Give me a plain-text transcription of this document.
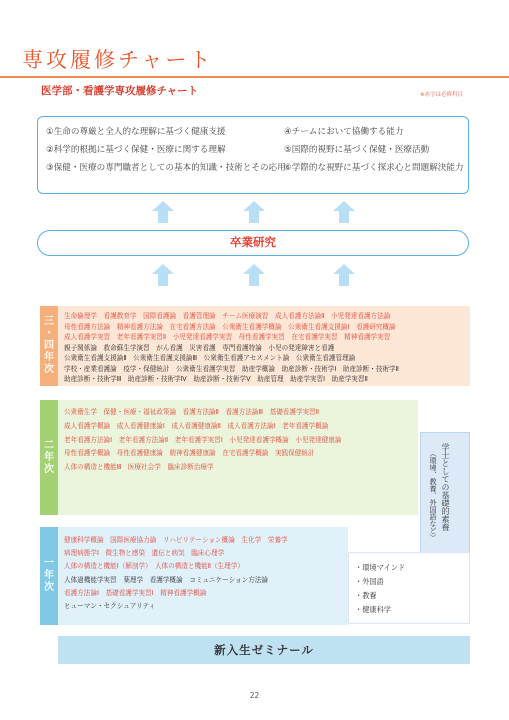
専攻履修チャート
医学部・看護学専攻履修チャート	※赤字は必修科目
①生命の尊厳と全人的な理解に基づく健康支援	④チームにおいて協働する能力
②科学的根拠に基づく保健・医療に関する理解	⑤国際的視野に基づく保健・医療活動
③保健・医療の専門職者としての基本的知識・技術とその応用
⑥学際的な視野に基づく探求心と問題解決能力
卒業研究
三
・
四
年
次
生命倫理学　看護教育学　国際看護論　看護管理論　チーム医療演習　成人看護方法論Ⅱ　小児発達看護方法論
母性看護方法論　精神看護方法論　在宅看護方法論　公衆衛生看護学概論　公衆衛生看護支援論Ⅰ　看護研究概論
成人看護学実習　老年看護学実習Ⅱ　小児発達看護学実習　母性看護学実習　在宅看護学実習　精神看護学実習
親子関係論　救命蘇生学演習　がん看護　災害看護　専門看護特論　小児の発達障害と看護
公衆衛生看護支援論Ⅱ　公衆衛生看護支援論Ⅲ　公衆衛生看護アセスメント論　公衆衛生看護管理論
学校・産業看護論　疫学・保健統計　公衆衛生看護学実習　助産学概論　助産診断・技術学Ⅰ　助産診断・技術学Ⅱ
助産診断・技術学Ⅲ　助産診断・技術学Ⅳ　助産診断・技術学Ⅴ　助産管理　助産学実習Ⅰ　助産学実習Ⅱ
二
年
次
公衆衛生学　保健・医療・福祉政策論　看護方法論Ⅱ　看護方法論Ⅲ　基礎看護学実習Ⅱ
成人看護学概論　成人看護健康論Ⅰ　成人看護健康論Ⅱ　成人看護方法論Ⅰ　老年看護学概論
老年看護方法論Ⅰ　老年看護方法論Ⅱ　老年看護学実習Ⅰ　小児発達看護学概論　小児発達健康論
母性看護学概論　母性看護健康論　精神看護健康論　在宅看護学概論　実践保健統計
人体の構造と機能Ⅲ　医療社会学　臨床診断治療学	学士としての基礎的素養
（環境、教養、外国語など）
一
年
次
健康科学概論　国際医療協力論　リハビリテーション概論　生化学　栄養学
病理病態学Ⅰ　微生物と感染　遺伝と病気　臨床心理学
人体の構造と機能Ⅰ（解剖学）　人体の構造と機能Ⅱ（生理学）
人体過機能学実習　薬理学　看護学概論　コミュニケーション方法論
看護方法論Ⅰ　基礎看護学実習Ⅰ　精神看護学概論
ヒューマン・セクシュアリティ
・環境マインド
・外国語
・教養
・健康科学
新入生ゼミナール
22
